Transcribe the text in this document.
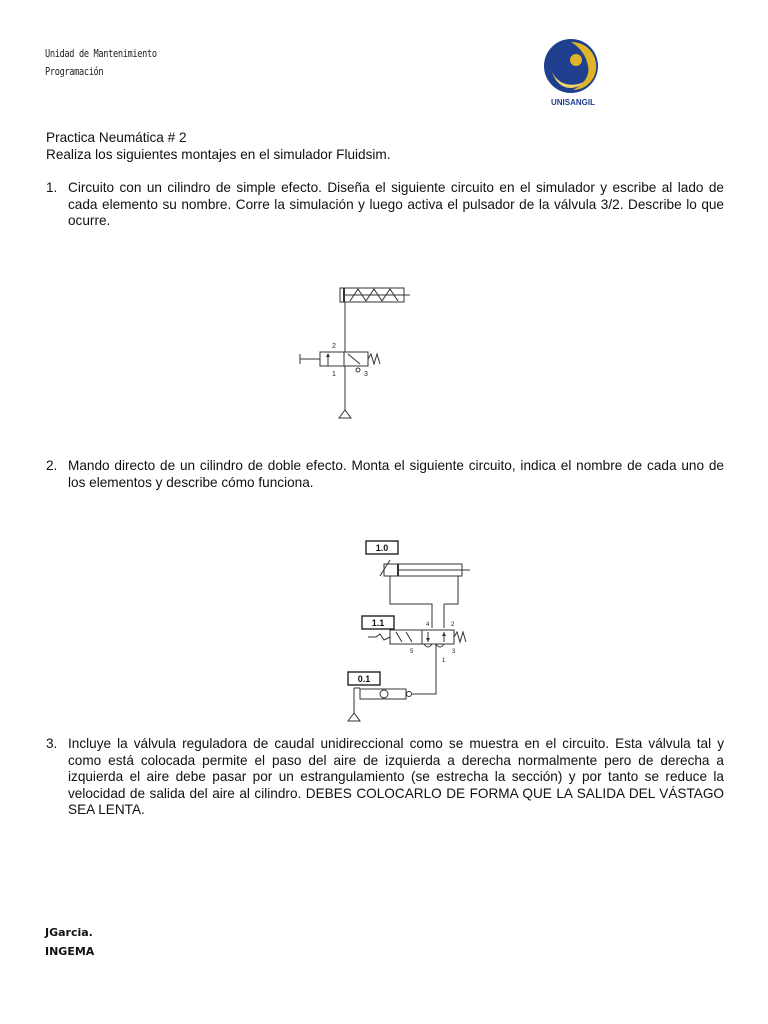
Unidad de Mantenimiento
Programación
UNISANGIL
Practica Neumática # 2
Realiza los siguientes montajes en el simulador Fluidsim.
1. Circuito con un cilindro de simple efecto. Diseña el siguiente circuito en el simulador y escribe al lado de cada elemento su nombre. Corre la simulación y luego activa el pulsador de la válvula 3/2. Describe lo que ocurre.
2
1	3
2. Mando directo de un cilindro de doble efecto. Monta el siguiente circuito, indica el nombre de cada uno de los elementos y describe cómo funciona.
1.0
1.1	4	2
5	3
1
0.1
3. Incluye la válvula reguladora de caudal unidireccional como se muestra en el circuito. Esta válvula tal y como está colocada permite el paso del aire de izquierda a derecha normalmente pero de derecha a izquierda el aire debe pasar por un estrangulamiento (se estrecha la sección) y por tanto se reduce la velocidad de salida del aire al cilindro. DEBES COLOCARLO DE FORMA QUE LA SALIDA DEL VÁSTAGO SEA LENTA.
JGarcia.
INGEMA
